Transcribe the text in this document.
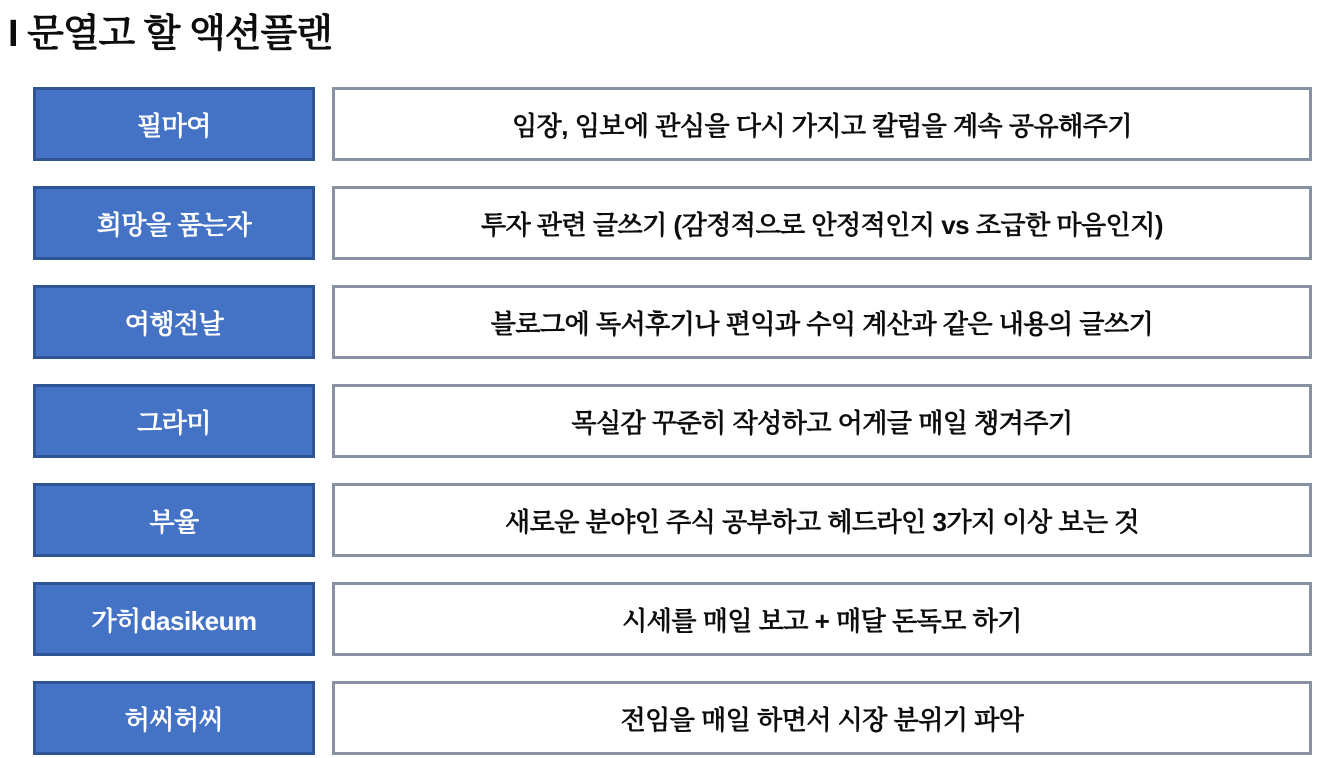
I 문열고 할 액션플랜
필마여	임장, 임보에 관심을 다시 가지고 칼럼을 계속 공유해주기
희망을 품는자	투자 관련 글쓰기 (감정적으로 안정적인지 vs 조급한 마음인지)
여행전날	블로그에 독서후기나 편익과 수익 계산과 같은 내용의 글쓰기
그라미	목실감 꾸준히 작성하고 어게글 매일 챙겨주기
부율	새로운 분야인 주식 공부하고 헤드라인 3가지 이상 보는 것
가히dasikeum	시세를 매일 보고 + 매달 돈독모 하기
허씨허씨	전임을 매일 하면서 시장 분위기 파악
